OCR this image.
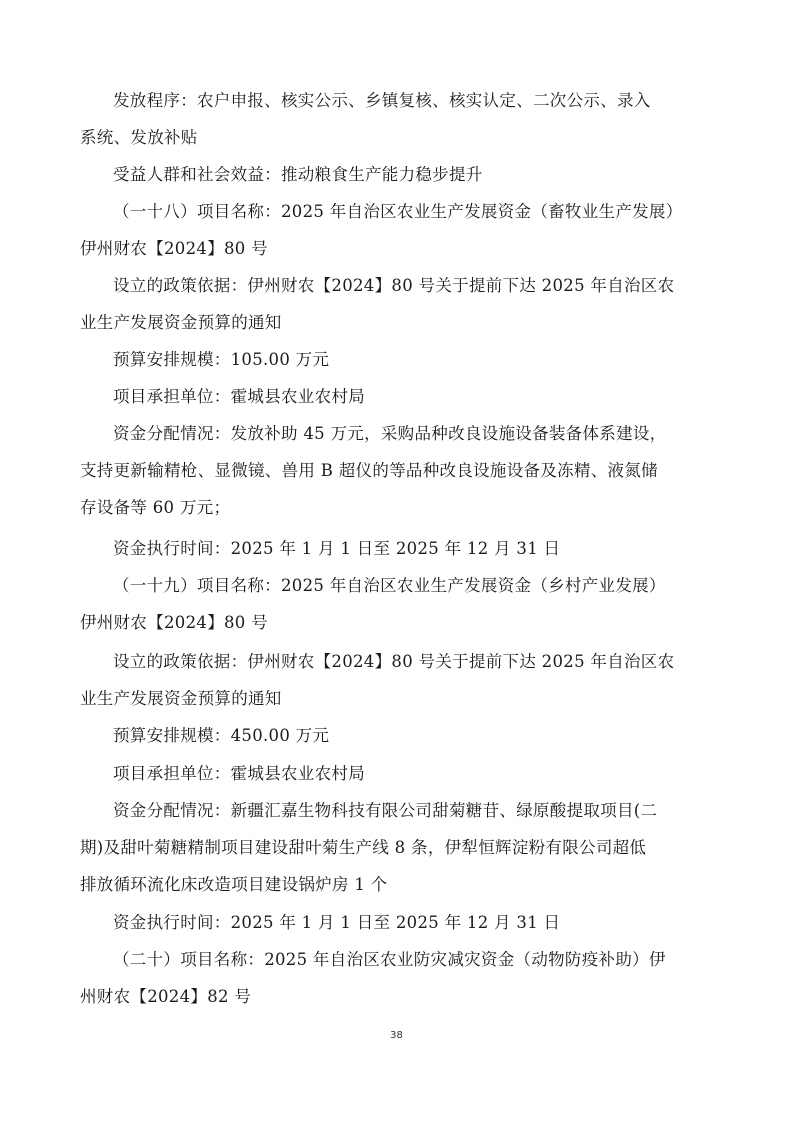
发放程序：农户申报、核实公示、乡镇复核、核实认定、二次公示、录入
系统、发放补贴

受益人群和社会效益：推动粮食生产能力稳步提升

（一十八）项目名称：2025 年自治区农业生产发展资金（畜牧业生产发展）
伊州财农【2024】80 号

设立的政策依据：伊州财农【2024】80 号关于提前下达 2025 年自治区农
业生产发展资金预算的通知

预算安排规模：105.00 万元

项目承担单位：霍城县农业农村局

资金分配情况：发放补助 45 万元，采购品种改良设施设备装备体系建设，
支持更新输精枪、显微镜、兽用 B 超仪的等品种改良设施设备及冻精、液氮储
存设备等 60 万元；

资金执行时间：2025 年 1 月 1 日至 2025 年 12 月 31 日

（一十九）项目名称：2025 年自治区农业生产发展资金（乡村产业发展）
伊州财农【2024】80 号

设立的政策依据：伊州财农【2024】80 号关于提前下达 2025 年自治区农
业生产发展资金预算的通知

预算安排规模：450.00 万元

项目承担单位：霍城县农业农村局

资金分配情况：新疆汇嘉生物科技有限公司甜菊糖苷、绿原酸提取项目(二
期)及甜叶菊糖精制项目建设甜叶菊生产线 8 条，伊犁恒辉淀粉有限公司超低
排放循环流化床改造项目建设锅炉房 1 个

资金执行时间：2025 年 1 月 1 日至 2025 年 12 月 31 日

（二十）项目名称：2025 年自治区农业防灾减灾资金（动物防疫补助）伊
州财农【2024】82 号

38
